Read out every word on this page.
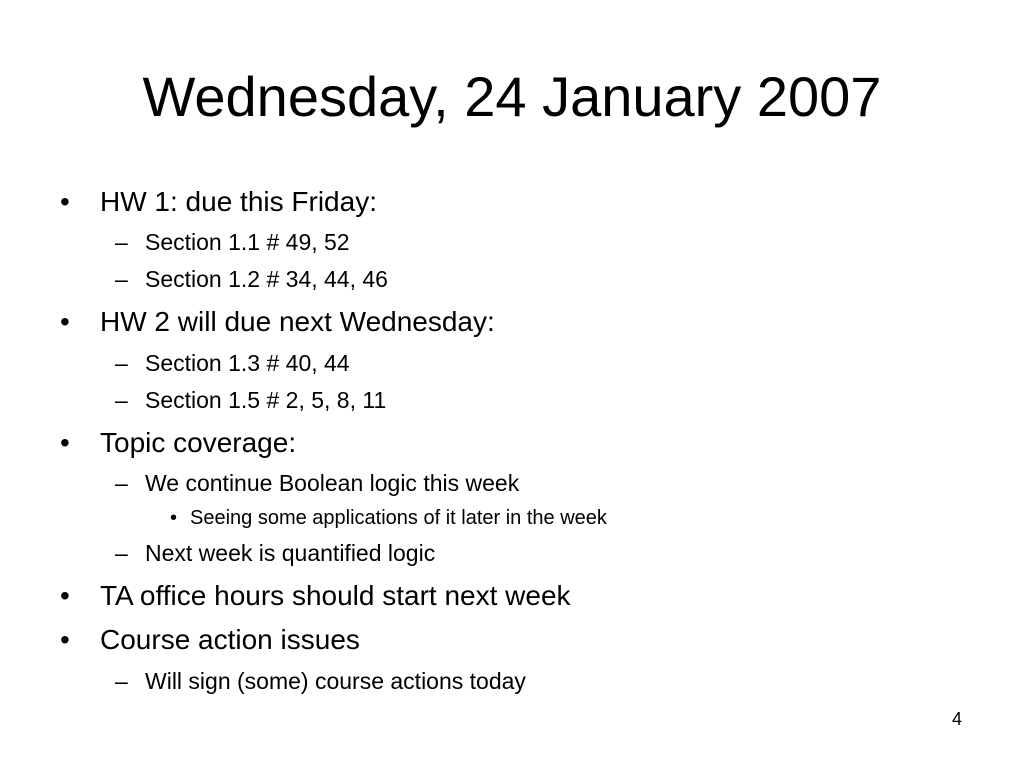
Wednesday, 24 January 2007
• HW 1: due this Friday:
– Section 1.1 # 49, 52
– Section 1.2 # 34, 44, 46
• HW 2 will due next Wednesday:
– Section 1.3 # 40, 44
– Section 1.5 # 2, 5, 8, 11
• Topic coverage:
– We continue Boolean logic this week
• Seeing some applications of it later in the week
– Next week is quantified logic
• TA office hours should start next week
• Course action issues
– Will sign (some) course actions today
4
